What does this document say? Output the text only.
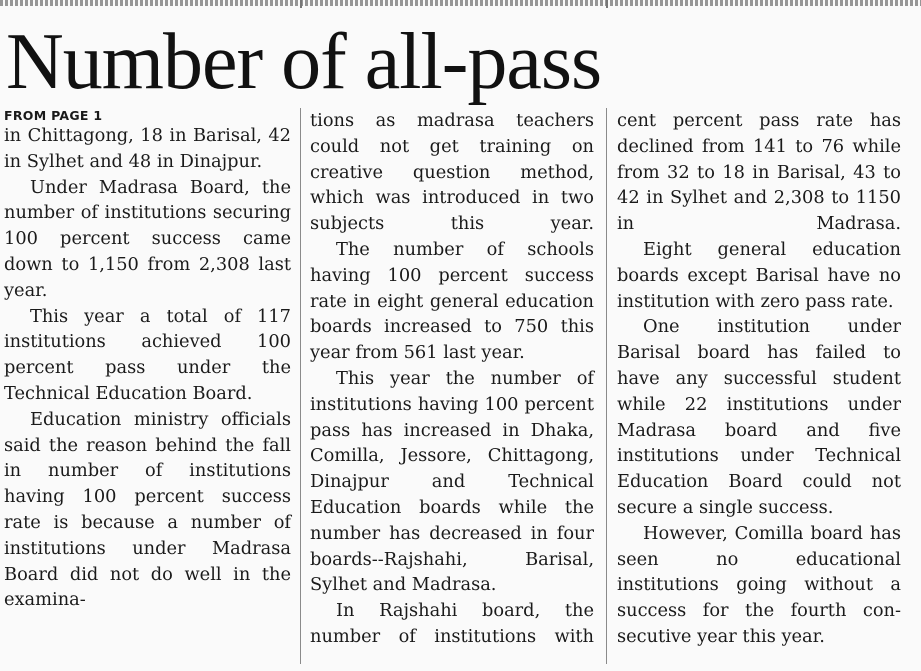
Number of all-pass
FROM PAGE 1

in Chittagong, 18 in Barisal, 42 in Sylhet and 48 in Dinajpur.

Under Madrasa Board, the number of institutions securing 100 percent success came down to 1,150 from 2,308 last year.

This year a total of 117 institutions achieved 100 percent pass under the Technical Education Board.

Education ministry officials said the reason behind the fall in number of institutions having 100 percent success rate is because a number of institutions under Madrasa Board did not do well in the examina-

tions as madrasa teachers could not get training on creative question method, which was introduced in two subjects this year.

The number of schools having 100 percent success rate in eight general education boards increased to 750 this year from 561 last year.

This year the number of institutions having 100 percent pass has increased in Dhaka, Comilla, Jessore, Chittagong, Dinajpur and Technical Education boards while the number has decreased in four boards--Rajshahi, Barisal, Sylhet and Madrasa.

In Rajshahi board, the number of institutions with

cent percent pass rate has declined from 141 to 76 while from 32 to 18 in Barisal, 43 to 42 in Sylhet and 2,308 to 1150 in Madrasa.

Eight general education boards except Barisal have no institution with zero pass rate.

One institution under Barisal board has failed to have any successful student while 22 institutions under Madrasa board and five institutions under Technical Education Board could not secure a single success.

However, Comilla board has seen no educational institutions going without a success for the fourth consecutive year this year.
